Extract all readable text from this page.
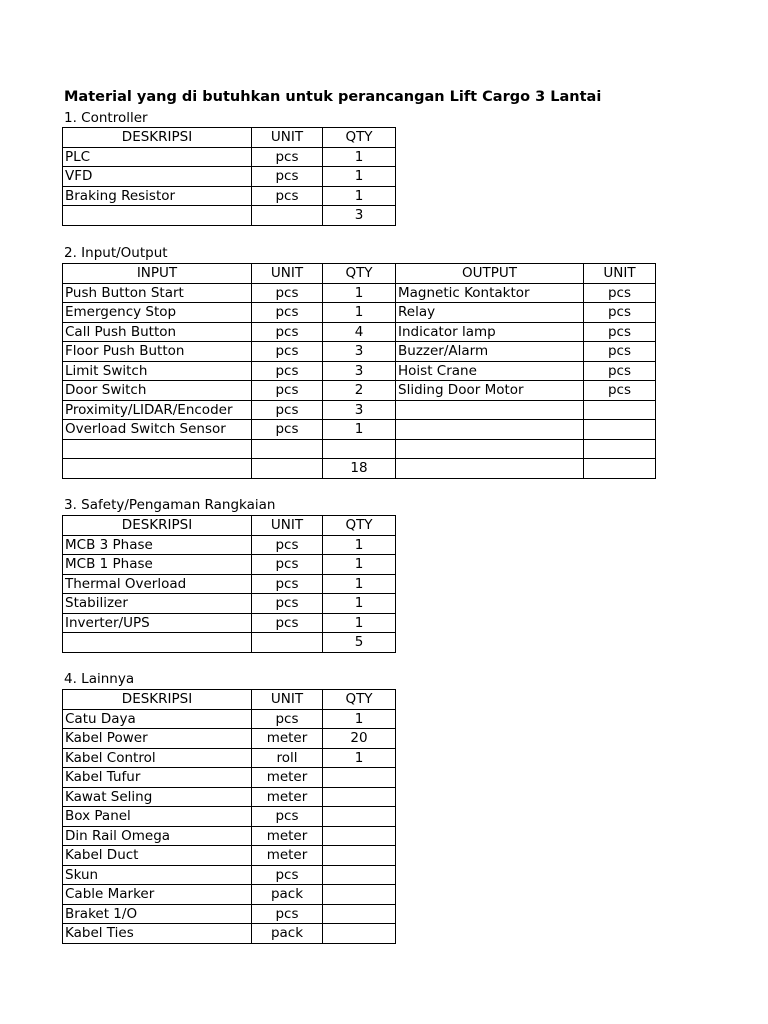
Material yang di butuhkan untuk perancangan Lift Cargo 3 Lantai
1. Controller
DESKRIPSI	UNIT	QTY
PLC	pcs	1
VFD	pcs	1
Braking Resistor	pcs	1
		3
2. Input/Output
INPUT	UNIT	QTY	OUTPUT	UNIT
Push Button Start	pcs	1	Magnetic Kontaktor	pcs
Emergency Stop	pcs	1	Relay	pcs
Call Push Button	pcs	4	Indicator lamp	pcs
Floor Push Button	pcs	3	Buzzer/Alarm	pcs
Limit Switch	pcs	3	Hoist Crane	pcs
Door Switch	pcs	2	Sliding Door Motor	pcs
Proximity/LIDAR/Encoder	pcs	3		
Overload Switch Sensor	pcs	1		

		18		
3. Safety/Pengaman Rangkaian
DESKRIPSI	UNIT	QTY
MCB 3 Phase	pcs	1
MCB 1 Phase	pcs	1
Thermal Overload	pcs	1
Stabilizer	pcs	1
Inverter/UPS	pcs	1
		5
4. Lainnya
DESKRIPSI	UNIT	QTY
Catu Daya	pcs	1
Kabel Power	meter	20
Kabel Control	roll	1
Kabel Tufur	meter	
Kawat Seling	meter	
Box Panel	pcs	
Din Rail Omega	meter	
Kabel Duct	meter	
Skun	pcs	
Cable Marker	pack	
Braket 1/O	pcs	
Kabel Ties	pack	
